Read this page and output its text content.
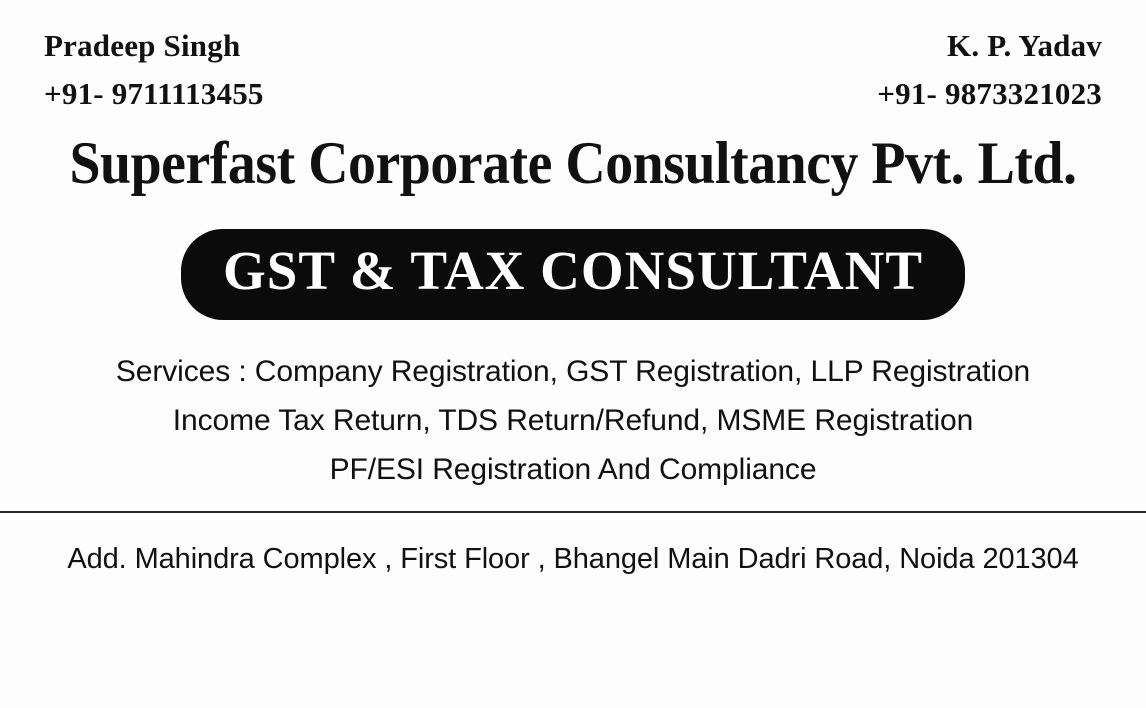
Pradeep Singh
+91- 9711113455
K. P. Yadav
+91- 9873321023
Superfast Corporate Consultancy Pvt. Ltd.
GST & TAX CONSULTANT
Services : Company Registration, GST Registration, LLP Registration
Income Tax Return, TDS Return/Refund, MSME Registration
PF/ESI Registration And Compliance
Add. Mahindra Complex , First Floor , Bhangel Main Dadri Road, Noida 201304
